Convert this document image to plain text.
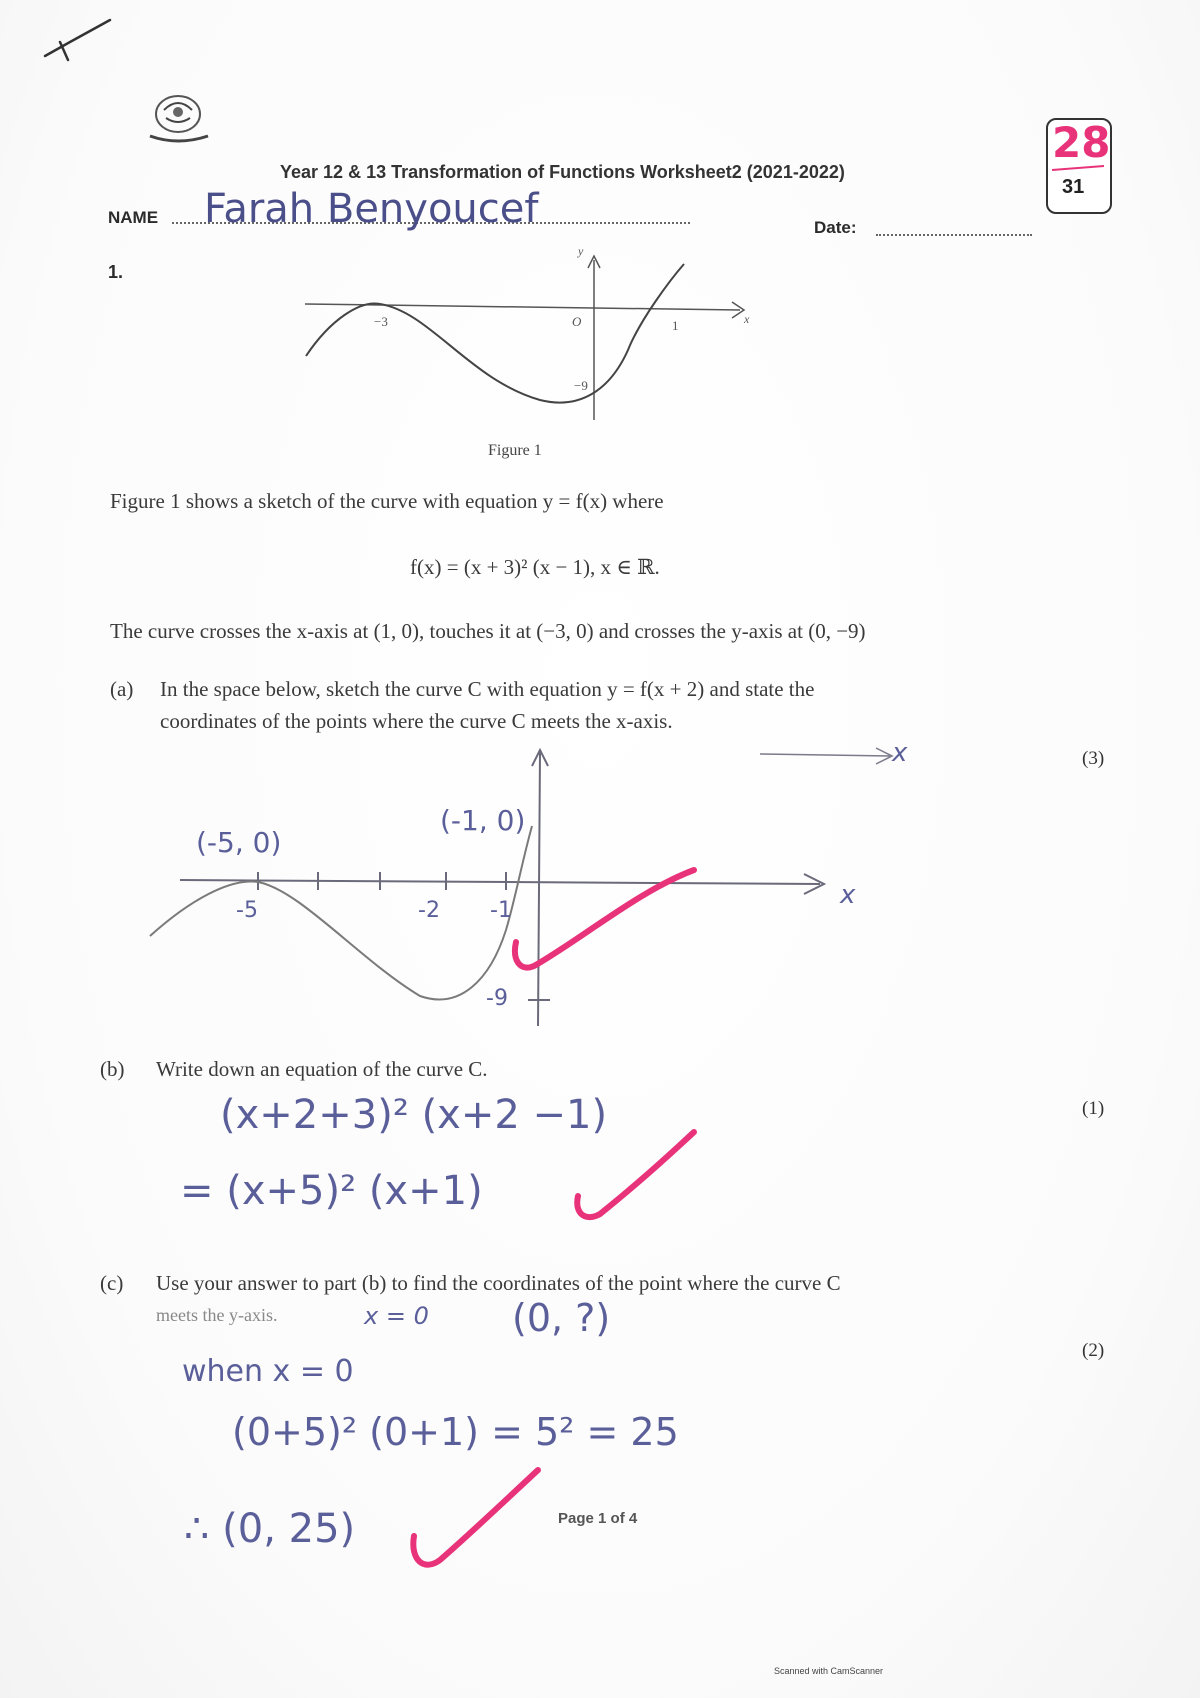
28
31
Year 12 & 13 Transformation of Functions Worksheet2 (2021-2022)
NAME Farah Benyoucef	Date:
1.
−3	O	1
−9
y
x
Figure 1
Figure 1 shows a sketch of the curve with equation y = f(x) where
f(x) = (x + 3)² (x − 1), x ∈ ℝ.
The curve crosses the x-axis at (1, 0), touches it at (−3, 0) and crosses the y-axis at (0, −9)
(a) In the space below, sketch the curve C with equation y = f(x + 2) and state the
coordinates of the points where the curve C meets the x-axis.
(3)
(-5, 0)
(-1, 0)
-5	-2 -1
-9
x
x
(b) Write down an equation of the curve C.
(1)
(x+2+3)² (x+2 −1)
= (x+5)² (x+1)
(c) Use your answer to part (b) to find the coordinates of the point where the curve C
meets the y-axis.
(2)
x = 0 (0, ?)
when x = 0
(0+5)² (0+1) = 5² = 25
∴ (0, 25)	Page 1 of 4
Scanned with CamScanner
